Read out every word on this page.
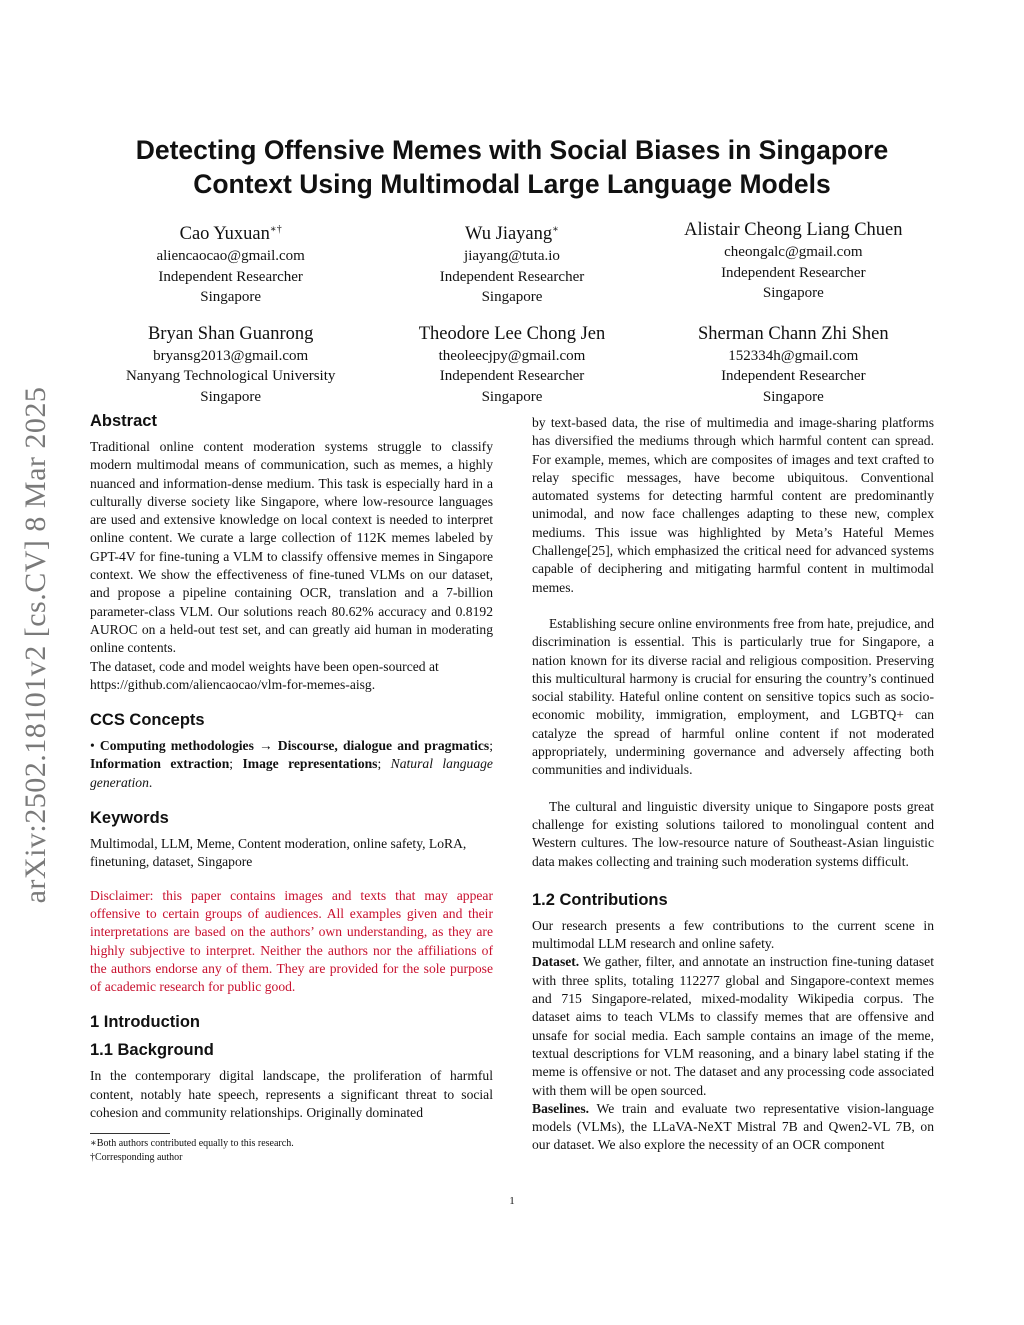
arXiv:2502.18101v2 [cs.CV] 8 Mar 2025
Detecting Offensive Memes with Social Biases in Singapore
Context Using Multimodal Large Language Models
Cao Yuxuan∗†
aliencaocao@gmail.com
Independent Researcher
Singapore
Wu Jiayang∗
jiayang@tuta.io
Independent Researcher
Singapore
Alistair Cheong Liang Chuen
cheongalc@gmail.com
Independent Researcher
Singapore
Bryan Shan Guanrong
bryansg2013@gmail.com
Nanyang Technological University
Singapore
Theodore Lee Chong Jen
theoleecjpy@gmail.com
Independent Researcher
Singapore
Sherman Chann Zhi Shen
152334h@gmail.com
Independent Researcher
Singapore
Abstract

Traditional online content moderation systems struggle to classify modern multimodal means of communication, such as memes, a highly nuanced and information-dense medium. This task is especially hard in a culturally diverse society like Singapore, where low-resource languages are used and extensive knowledge on local context is needed to interpret online content. We curate a large collection of 112K memes labeled by GPT-4V for fine-tuning a VLM to classify offensive memes in Singapore context. We show the effectiveness of fine-tuned VLMs on our dataset, and propose a pipeline containing OCR, translation and a 7-billion parameter-class VLM. Our solutions reach 80.62% accuracy and 0.8192 AUROC on a held-out test set, and can greatly aid human in moderating online contents.

The dataset, code and model weights have been open-sourced at https://github.com/aliencaocao/vlm-for-memes-aisg.

CCS Concepts

• Computing methodologies → Discourse, dialogue and pragmatics; Information extraction; Image representations; Natural language generation.

Keywords

Multimodal, LLM, Meme, Content moderation, online safety, LoRA, finetuning, dataset, Singapore

Disclaimer: this paper contains images and texts that may appear offensive to certain groups of audiences. All examples given and their interpretations are based on the authors’ own understanding, as they are highly subjective to interpret. Neither the authors nor the affiliations of the authors endorse any of them. They are provided for the sole purpose of academic research for public good.

1 Introduction
1.1 Background

In the contemporary digital landscape, the proliferation of harmful content, notably hate speech, represents a significant threat to social cohesion and community relationships. Originally dominated

by text-based data, the rise of multimedia and image-sharing platforms has diversified the mediums through which harmful content can spread. For example, memes, which are composites of images and text crafted to relay specific messages, have become ubiquitous. Conventional automated systems for detecting harmful content are predominantly unimodal, and now face challenges adapting to these new, complex mediums. This issue was highlighted by Meta’s Hateful Memes Challenge[25], which emphasized the critical need for advanced systems capable of deciphering and mitigating harmful content in multimodal memes.

Establishing secure online environments free from hate, prejudice, and discrimination is essential. This is particularly true for Singapore, a nation known for its diverse racial and religious composition. Preserving this multicultural harmony is crucial for ensuring the country’s continued social stability. Hateful online content on sensitive topics such as socio-economic mobility, immigration, employment, and LGBTQ+ can catalyze the spread of harmful online content if not moderated appropriately, undermining governance and adversely affecting both communities and individuals.

The cultural and linguistic diversity unique to Singapore posts great challenge for existing solutions tailored to monolingual content and Western cultures. The low-resource nature of Southeast-Asian linguistic data makes collecting and training such moderation systems difficult.

1.2 Contributions

Our research presents a few contributions to the current scene in multimodal LLM research and online safety.

Dataset. We gather, filter, and annotate an instruction fine-tuning dataset with three splits, totaling 112277 global and Singapore-context memes and 715 Singapore-related, mixed-modality Wikipedia corpus. The dataset aims to teach VLMs to classify memes that are offensive and unsafe for social media. Each sample contains an image of the meme, textual descriptions for VLM reasoning, and a binary label stating if the meme is offensive or not. The dataset and any processing code associated with them will be open sourced.

Baselines. We train and evaluate two representative vision-language models (VLMs), the LLaVA-NeXT Mistral 7B and Qwen2-VL 7B, on our dataset. We also explore the necessity of an OCR component

∗Both authors contributed equally to this research.
†Corresponding author
1
